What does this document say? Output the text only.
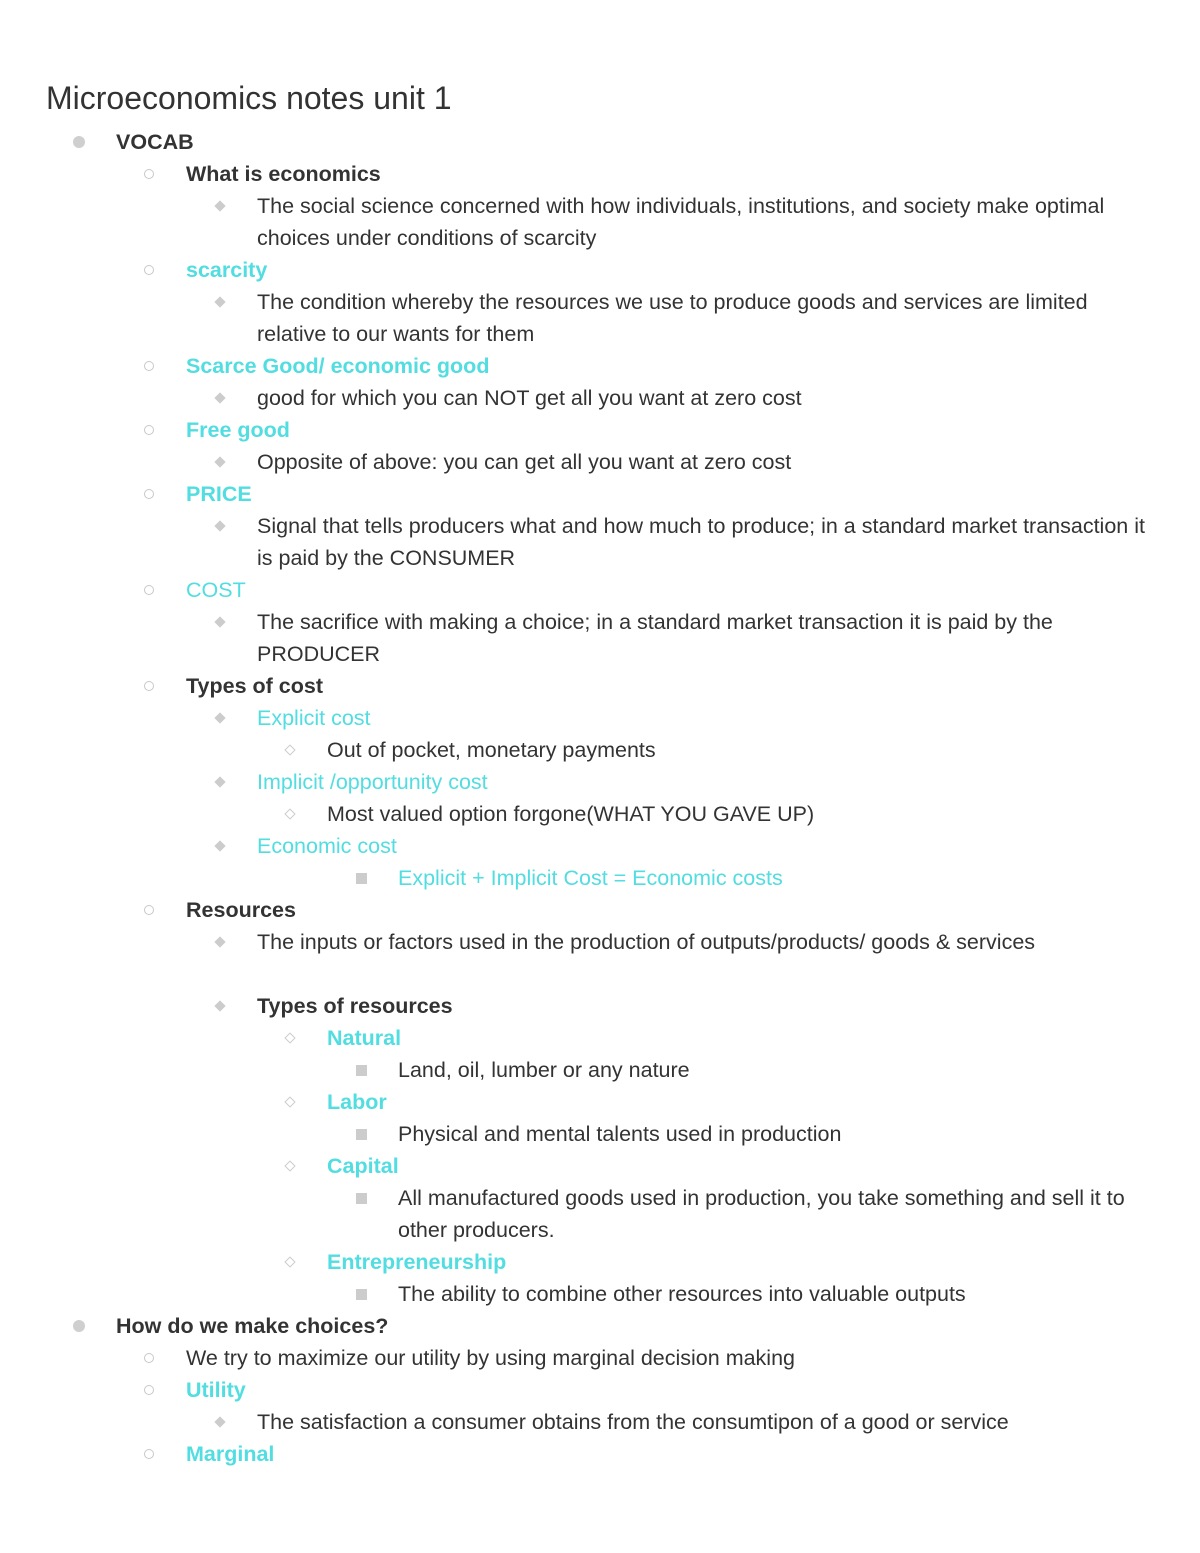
Microeconomics notes unit 1
VOCAB
What is economics
The social science concerned with how individuals, institutions, and society make optimal choices under conditions of scarcity
scarcity
The condition whereby the resources we use to produce goods and services are limited relative to our wants for them
Scarce Good/ economic good
good for which you can NOT get all you want at zero cost
Free good
Opposite of above: you can get all you want at zero cost
PRICE
Signal that tells producers what and how much to produce; in a standard market transaction it is paid by the CONSUMER
COST
The sacrifice with making a choice; in a standard market transaction it is paid by the PRODUCER
Types of cost
Explicit cost
Out of pocket, monetary payments
Implicit /opportunity cost
Most valued option forgone(WHAT YOU GAVE UP)
Economic cost
Explicit + Implicit Cost = Economic costs
Resources
The inputs or factors used in the production of outputs/products/ goods & services
Types of resources
Natural
Land, oil, lumber or any nature
Labor
Physical and mental talents used in production
Capital
All manufactured goods used in production, you take something and sell it to other producers.
Entrepreneurship
The ability to combine other resources into valuable outputs
How do we make choices?
We try to maximize our utility by using marginal decision making
Utility
The satisfaction a consumer obtains from the consumtipon of a good or service
Marginal
